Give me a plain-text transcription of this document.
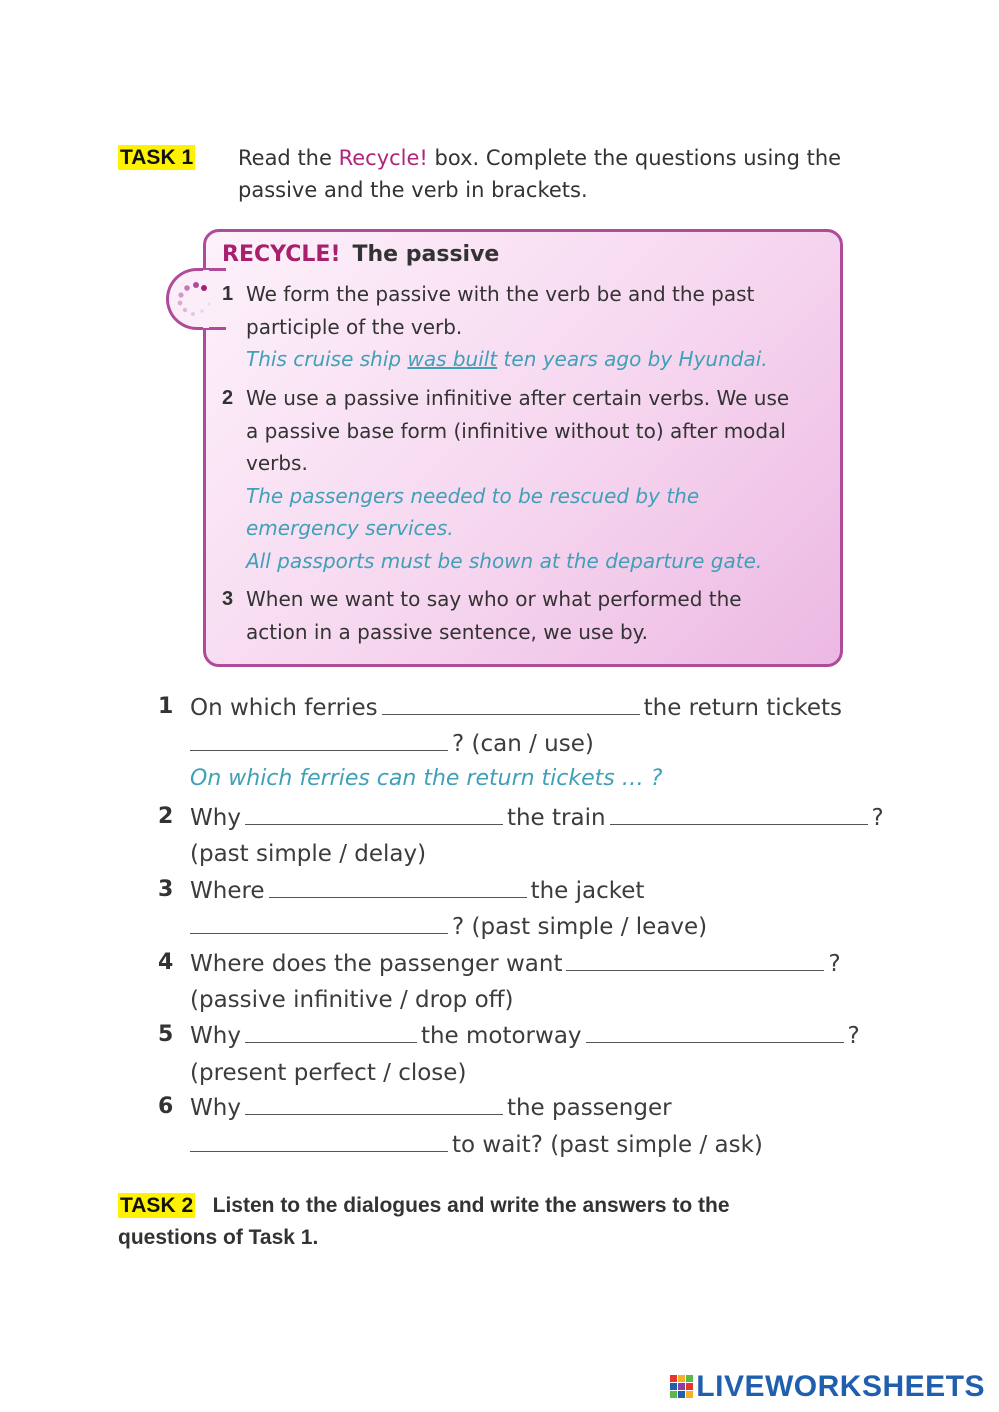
TASK 1 Read the Recycle! box. Complete the questions using the
passive and the verb in brackets.
RECYCLE! The passive
1 We form the passive with the verb be and the past
participle of the verb.
This cruise ship was built ten years ago by Hyundai.
2 We use a passive infinitive after certain verbs. We use
a passive base form (infinitive without to) after modal
verbs.
The passengers needed to be rescued by the
emergency services.
All passports must be shown at the departure gate.
3 When we want to say who or what performed the
action in a passive sentence, we use by.
1 On which ferries	the return tickets
? (can / use)
On which ferries can the return tickets … ?
2 Why	the train	?
(past simple / delay)
3 Where	the jacket
? (past simple / leave)
4 Where does the passenger want	?
(passive infinitive / drop off)
5 Why	the motorway	?
(present perfect / close)
6 Why	the passenger
to wait? (past simple / ask)
TASK 2 Listen to the dialogues and write the answers to the
questions of Task 1.
LIVEWORKSHEETS
